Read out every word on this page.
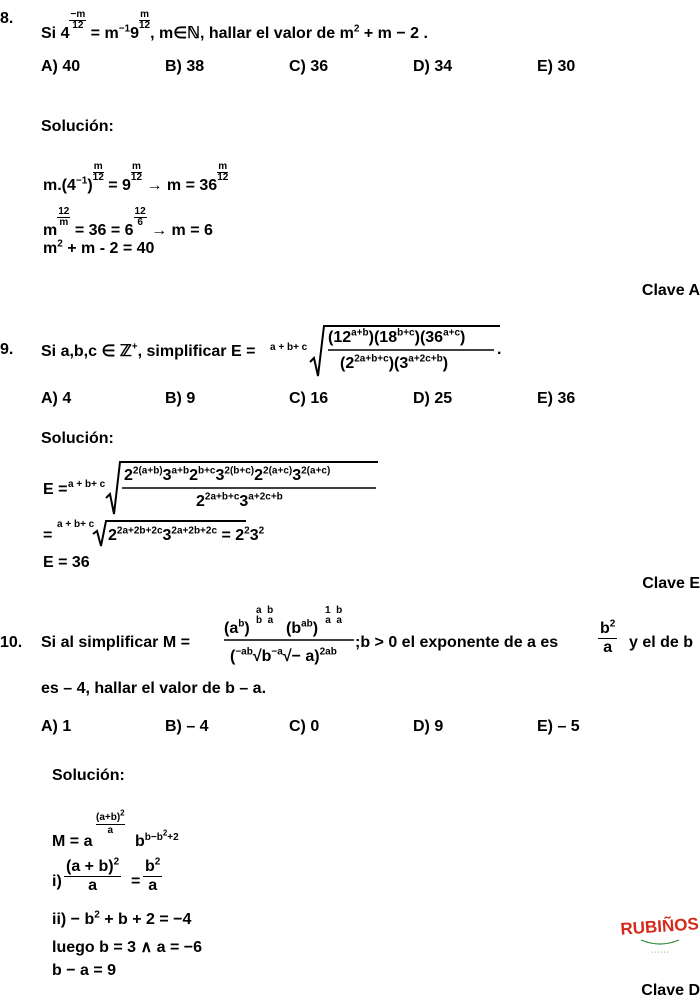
8.
Si 4
$\frac{-m}{12}$
= $m^{-1}9$
$\frac{m}{12}$
, m∈ℕ, hallar el valor de $m^2 + m - 2$ .
A) 40	B) 38	C) 36	D) 34	E) 30
Solución:
$m.(4^{-1})$
$\frac{m}{12}$
= 9
$\frac{m}{12}$
→ m = 36
$\frac{m}{12}$
m
$\frac{12}{m}$
= 36 = 6
$\frac{12}{6}$
→ m = 6
$m^2 + m - 2 = 40$
Clave A
9. Si a,b,c ∈ ℤ+, simplificar E = a + b+ c
$(12^{a+b})(18^{b+c})(36^{a+c})$
$(2^{2a+b+c})(3^{a+2c+b})$
.
A) 4	B) 9	C) 16	D) 25	E) 36
Solución:
E = a + b+ c
$2^{2(a+b)}3^{a+b}2^{b+c}3^{2(b+c)}2^{2(a+c)}3^{2(a+c)}$
$2^{2a+b+c}3^{a+2c+b}$
=
a + b+ c
$2^{2a+2b+2c}3^{2a+2b+2c} = 2^23^2$
E = 36
Clave E
10. Si al simplificar M =
$(a^b)$
a  b
b  a $(b^{ab})$
1  b
a  a
$(^{-ab}√b^{-a}√- a)^{2ab}$
;b > 0 el exponente de a es $\frac{b^2}{a}$ y el de b
es – 4, hallar el valor de b – a.
A) 1	B) – 4	C) 0	D) 9	E) – 5
Solución:
M = a
$(a+b)^2$
a
$b^{b-b^2+2}$
$i) \frac{(a + b)^2}{a} = \frac{b^2}{a}$
$ii) - b^2 + b + 2 = -4$
luego b = 3 ∧ a = −6
b − a = 9
Clave D
RUBIÑOS
· · · · · ·
